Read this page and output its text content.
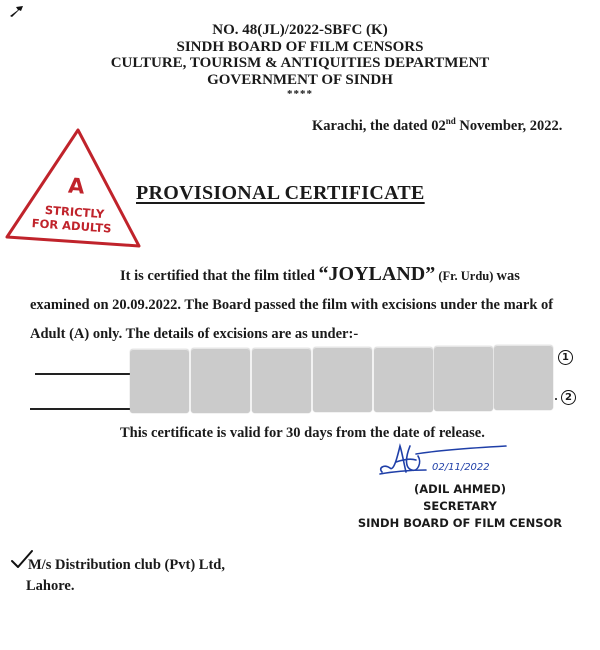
NO. 48(JL)/2022-SBFC (K)
SINDH BOARD OF FILM CENSORS
CULTURE, TOURISM & ANTIQUITIES DEPARTMENT
GOVERNMENT OF SINDH
****
Karachi, the dated 02nd November, 2022.
A
STRICTLY
FOR ADULTS
PROVISIONAL CERTIFICATE
It is certified that the film titled “JOYLAND” (Fr. Urdu) was
examined on 20.09.2022. The Board passed the film with excisions under the mark of
Adult (A) only. The details of excisions are as under:-
1
2
This certificate is valid for 30 days from the date of release.
02/11/2022
(ADIL AHMED)
SECRETARY
SINDH BOARD OF FILM CENSOR
M/s Distribution club (Pvt) Ltd,
Lahore.
